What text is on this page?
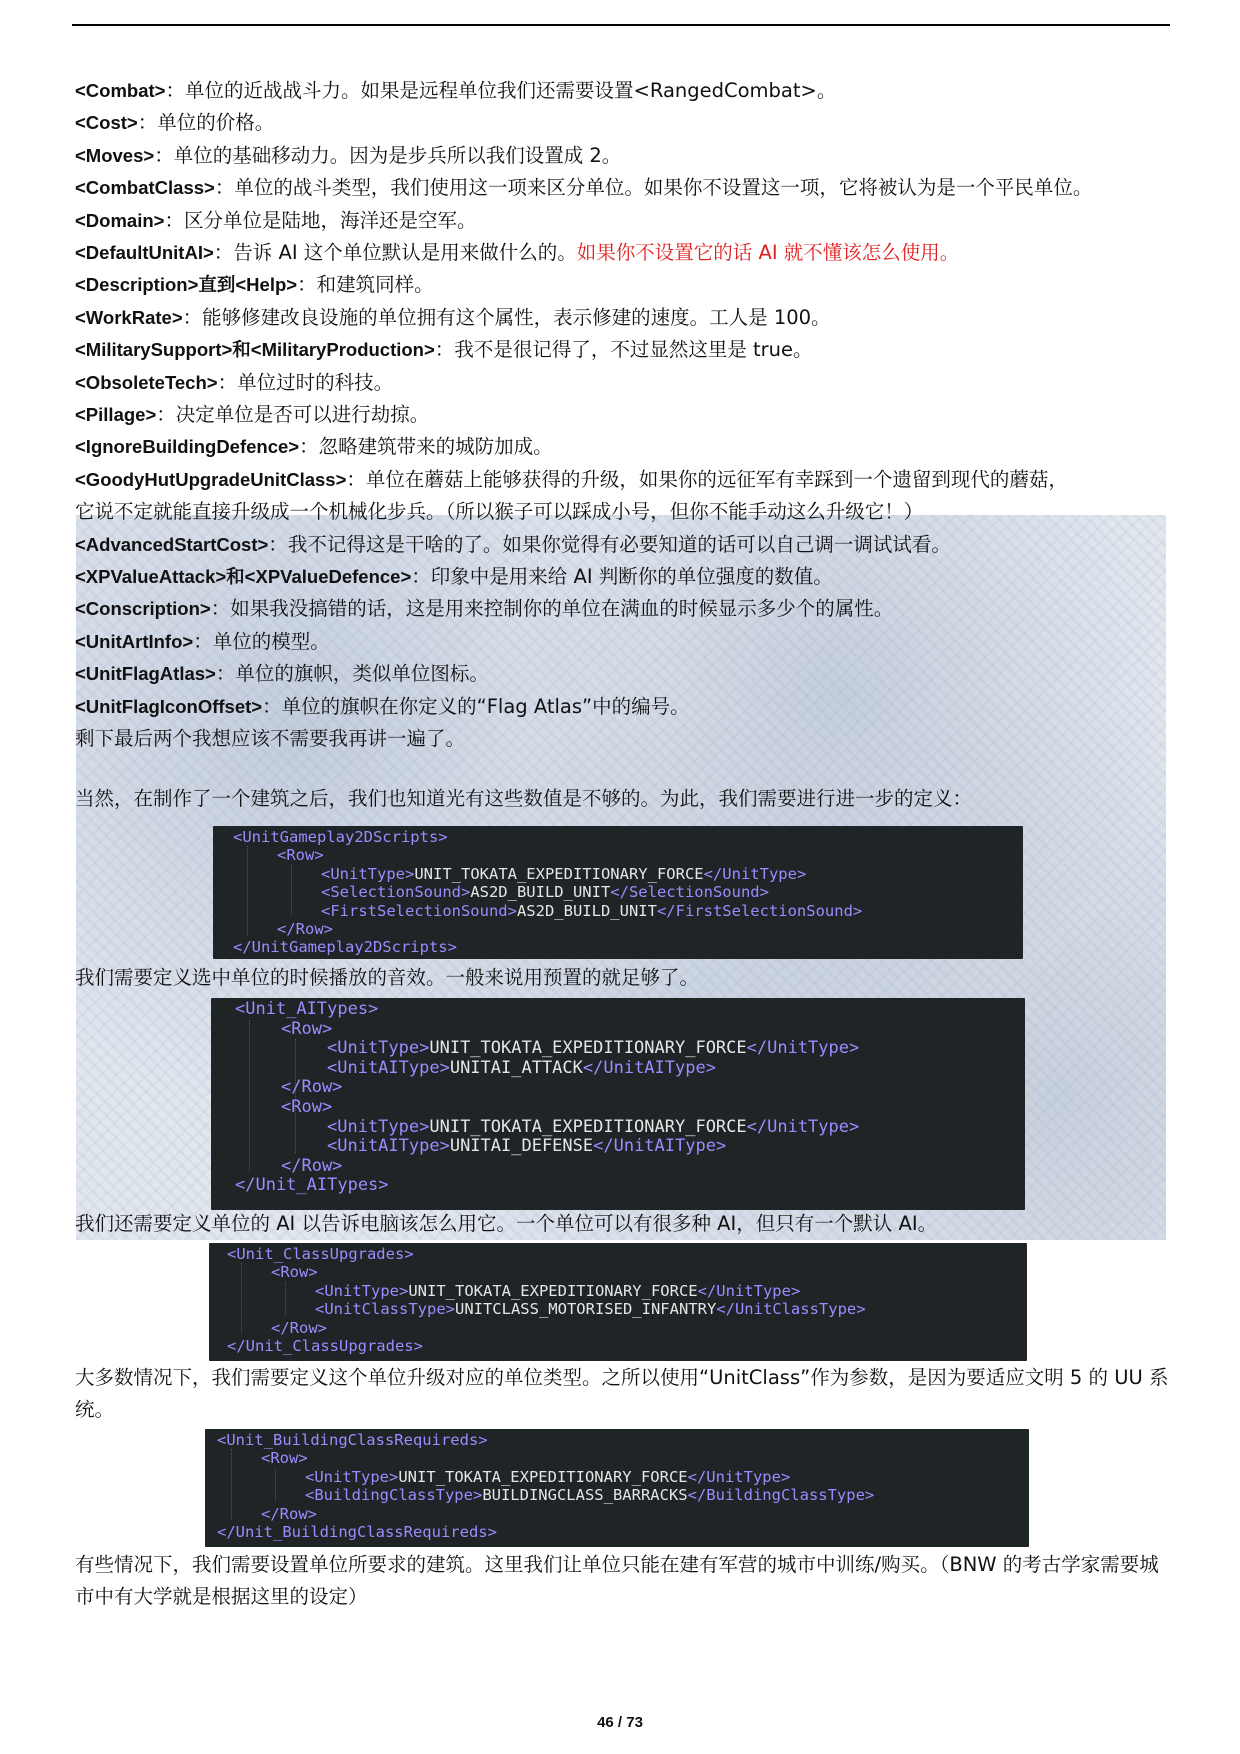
<Combat>：单位的近战战斗力。如果是远程单位我们还需要设置<RangedCombat>。
<Cost>：单位的价格。
<Moves>：单位的基础移动力。因为是步兵所以我们设置成 2。
<CombatClass>：单位的战斗类型，我们使用这一项来区分单位。如果你不设置这一项，它将被认为是一个平民单位。
<Domain>：区分单位是陆地，海洋还是空军。
<DefaultUnitAI>：告诉 AI 这个单位默认是用来做什么的。如果你不设置它的话 AI 就不懂该怎么使用。
<Description>直到<Help>：和建筑同样。
<WorkRate>：能够修建改良设施的单位拥有这个属性，表示修建的速度。工人是 100。
<MilitarySupport>和<MilitaryProduction>：我不是很记得了，不过显然这里是 true。
<ObsoleteTech>：单位过时的科技。
<Pillage>：决定单位是否可以进行劫掠。
<IgnoreBuildingDefence>：忽略建筑带来的城防加成。
<GoodyHutUpgradeUnitClass>：单位在蘑菇上能够获得的升级，如果你的远征军有幸踩到一个遗留到现代的蘑菇，
它说不定就能直接升级成一个机械化步兵。（所以猴子可以踩成小号，但你不能手动这么升级它！）
<AdvancedStartCost>：我不记得这是干啥的了。如果你觉得有必要知道的话可以自己调一调试试看。
<XPValueAttack>和<XPValueDefence>：印象中是用来给 AI 判断你的单位强度的数值。
<Conscription>：如果我没搞错的话，这是用来控制你的单位在满血的时候显示多少个的属性。
<UnitArtInfo>：单位的模型。
<UnitFlagAtlas>：单位的旗帜，类似单位图标。
<UnitFlagIconOffset>：单位的旗帜在你定义的“Flag Atlas”中的编号。
剩下最后两个我想应该不需要我再讲一遍了。
当然，在制作了一个建筑之后，我们也知道光有这些数值是不够的。为此，我们需要进行进一步的定义：
<UnitGameplay2DScripts>
<Row>
<UnitType>UNIT_TOKATA_EXPEDITIONARY_FORCE</UnitType>
<SelectionSound>AS2D_BUILD_UNIT</SelectionSound>
<FirstSelectionSound>AS2D_BUILD_UNIT</FirstSelectionSound>
</Row>
</UnitGameplay2DScripts>
我们需要定义选中单位的时候播放的音效。一般来说用预置的就足够了。
<Unit_AITypes>
<Row>
<UnitType>UNIT_TOKATA_EXPEDITIONARY_FORCE</UnitType>
<UnitAIType>UNITAI_ATTACK</UnitAIType>
</Row>
<Row>
<UnitType>UNIT_TOKATA_EXPEDITIONARY_FORCE</UnitType>
<UnitAIType>UNITAI_DEFENSE</UnitAIType>
</Row>
</Unit_AITypes>
我们还需要定义单位的 AI 以告诉电脑该怎么用它。一个单位可以有很多种 AI，但只有一个默认 AI。
<Unit_ClassUpgrades>
<Row>
<UnitType>UNIT_TOKATA_EXPEDITIONARY_FORCE</UnitType>
<UnitClassType>UNITCLASS_MOTORISED_INFANTRY</UnitClassType>
</Row>
</Unit_ClassUpgrades>
大多数情况下，我们需要定义这个单位升级对应的单位类型。之所以使用“UnitClass”作为参数，是因为要适应文明 5 的 UU 系统。
<Unit_BuildingClassRequireds>
<Row>
<UnitType>UNIT_TOKATA_EXPEDITIONARY_FORCE</UnitType>
<BuildingClassType>BUILDINGCLASS_BARRACKS</BuildingClassType>
</Row>
</Unit_BuildingClassRequireds>
有些情况下，我们需要设置单位所要求的建筑。这里我们让单位只能在建有军营的城市中训练/购买。（BNW 的考古学家需要城市中有大学就是根据这里的设定）
46 / 73
